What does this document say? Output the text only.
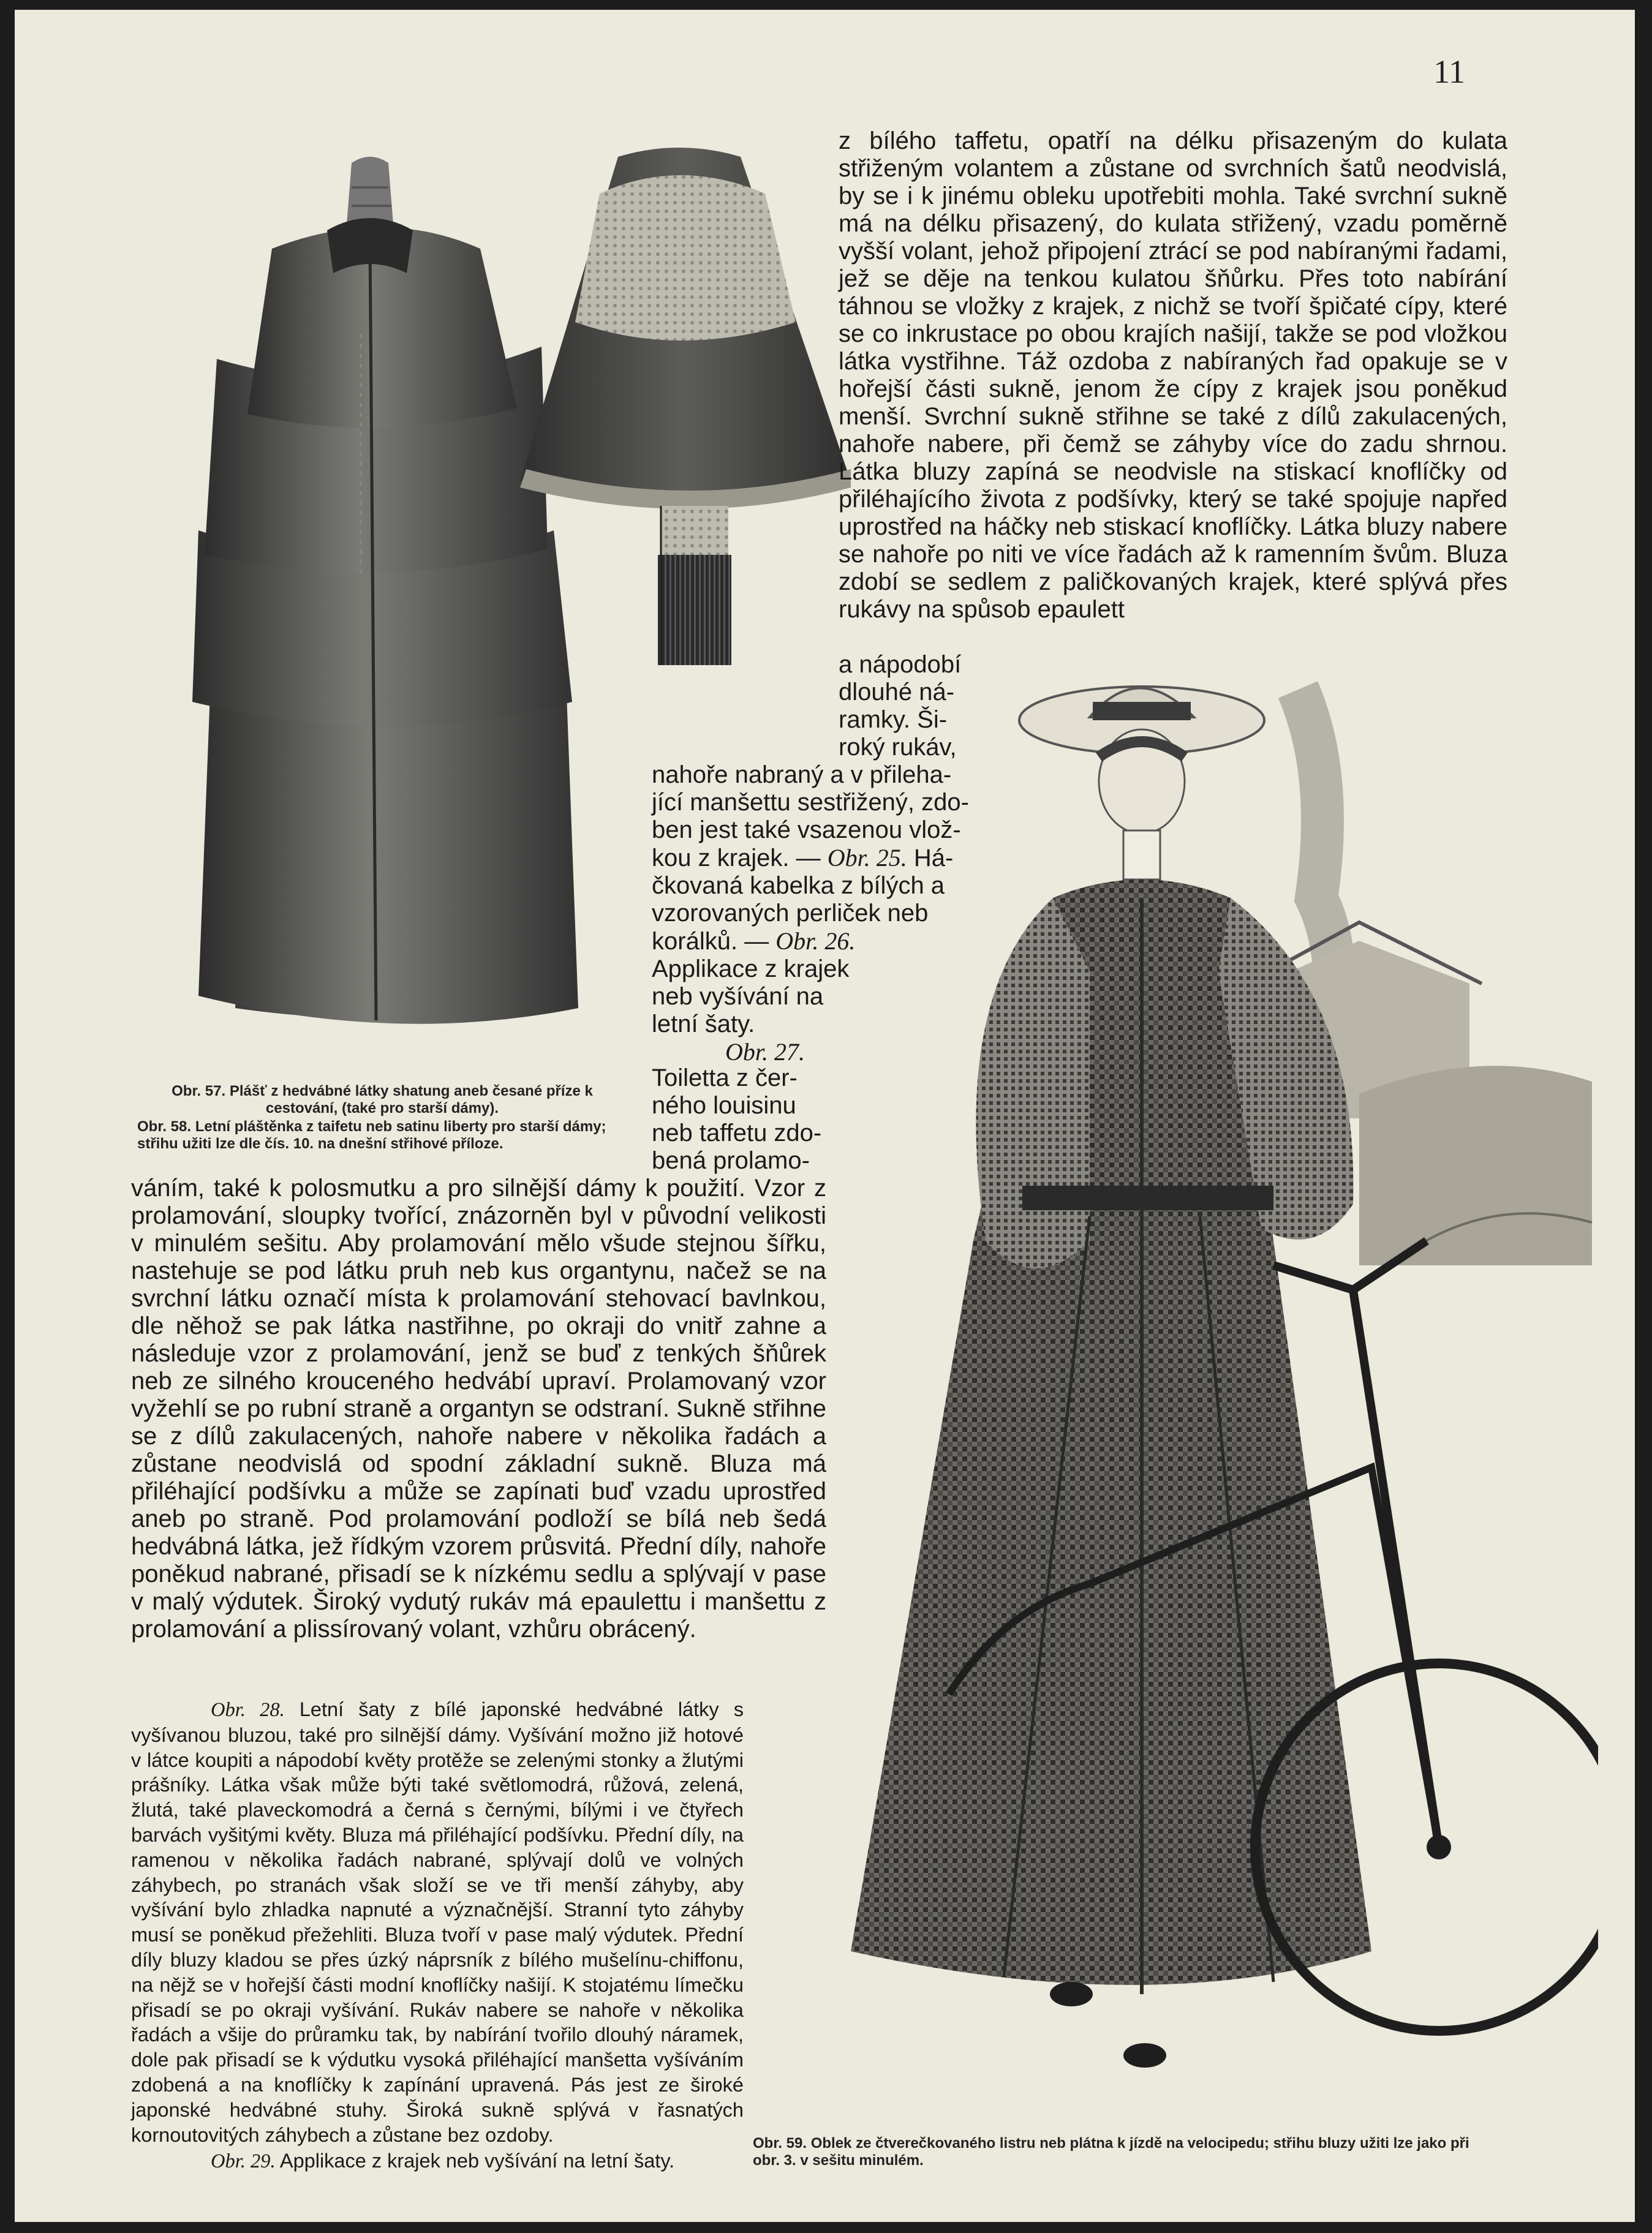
11

z bílého taffetu, opatří na délku přisazeným do kulata střiženým volantem a zůstane od svrchních šatů neodvislá, by se i k jinému obleku upotřebiti mohla. Také svrchní sukně má na délku přisazený, do kulata střižený, vzadu poměrně vyšší volant, jehož připojení ztrácí se pod nabíranými řadami, jež se děje na tenkou kulatou šňůrku. Přes toto nabírání táhnou se vložky z krajek, z nichž se tvoří špičaté cípy, které se co inkrustace po obou krajích našijí, takže se pod vložkou látka vystřihne. Táž ozdoba z nabíraných řad opakuje se v hořejší části sukně, jenom že cípy z krajek jsou poněkud menší. Svrchní sukně střihne se také z dílů zakulacených, nahoře nabere, při čemž se záhyby více do zadu shrnou. Látka bluzy zapíná se neodvisle na stiskací knoflíčky od přiléhajícího života z podšívky, který se také spojuje napřed uprostřed na háčky neb stiskací knoflíčky. Látka bluzy nabere se nahoře po niti ve více řadách až k ramenním švům. Bluza zdobí se sedlem z paličkovaných krajek, které splývá přes rukávy na spůsob epaulett

a nápodobí
dlouhé ná-
ramky. Ši-
roký rukáv,
nahoře nabraný a v přileha-
jící manšettu sestřižený, zdo-
ben jest také vsazenou vlož-
kou z krajek. — Obr. 25. Há-
čkovaná kabelka z bílých a
vzorovaných perliček neb
korálků. — Obr. 26.
Applikace z krajek
neb vyšívání na
letní šaty.
Obr. 27.
Toiletta z čer-
ného louisinu
neb taffetu zdo-
bená prolamo-
Obr. 57. Plášť z hedvábné látky shatung aneb česané příze k cestování, (také pro starší dámy).
Obr. 58. Letní pláštěnka z taifetu neb satinu liberty pro starší dámy; střihu užiti lze dle čís. 10. na dnešní střihové příloze.

váním, také k polosmutku a pro silnější dámy k použití. Vzor z prolamování, sloupky tvořící, znázorněn byl v původní velikosti v minulém sešitu. Aby prolamování mělo všude stejnou šířku, nastehuje se pod látku pruh neb kus organtynu, načež se na svrchní látku označí místa k prolamování stehovací bavlnkou, dle něhož se pak látka nastřihne, po okraji do vnitř zahne a následuje vzor z prolamování, jenž se buď z tenkých šňůrek neb ze silného krouceného hedvábí upraví. Prolamovaný vzor vyžehlí se po rubní straně a organtyn se odstraní. Sukně střihne se z dílů zakulacených, nahoře nabere v několika řadách a zůstane neodvislá od spodní základní sukně. Bluza má přiléhající podšívku a může se zapínati buď vzadu uprostřed aneb po straně. Pod prolamování podloží se bílá neb šedá hedvábná látka, jež řídkým vzorem průsvitá. Přední díly, nahoře poněkud nabrané, přisadí se k nízkému sedlu a splývají v pase v malý výdutek. Široký vydutý rukáv má epaulettu i manšettu z prolamování a plissírovaný volant, vzhůru obrácený.

Obr. 28. Letní šaty z bílé japonské hedvábné látky s vyšívanou bluzou, také pro silnější dámy. Vyšívání možno již hotové v látce koupiti a nápodobí květy protěže se zelenými stonky a žlutými prášníky. Látka však může býti také světlomodrá, růžová, zelená, žlutá, také plaveckomodrá a černá s černými, bílými i ve čtyřech barvách vyšitými květy. Bluza má přiléhající podšívku. Přední díly, na ramenou v několika řadách nabrané, splývají dolů ve volných záhybech, po stranách však složí se ve tři menší záhyby, aby vyšívání bylo zhladka napnuté a význačnější. Stranní tyto záhyby musí se poněkud přežehliti. Bluza tvoří v pase malý výdutek. Přední díly bluzy kladou se přes úzký náprsník z bílého mušelínu-chiffonu, na nějž se v hořejší části modní knoflíčky našijí. K stojatému límečku přisadí se po okraji vyšívání. Rukáv nabere se nahoře v několika řadách a všije do průramku tak, by nabírání tvořilo dlouhý náramek, dole pak přisadí se k výdutku vysoká přiléhající manšetta vyšíváním zdobená a na knoflíčky k zapínání upravená. Pás jest ze široké japonské hedvábné stuhy. Široká sukně splývá v řasnatých kornoutovitých záhybech a zůstane bez ozdoby.

Obr. 29. Applikace z krajek neb vyšívání na letní šaty.

Obr. 59. Oblek ze čtverečkovaného listru neb plátna k jízdě na velocipedu; střihu bluzy užiti lze jako při obr. 3. v sešitu minulém.
